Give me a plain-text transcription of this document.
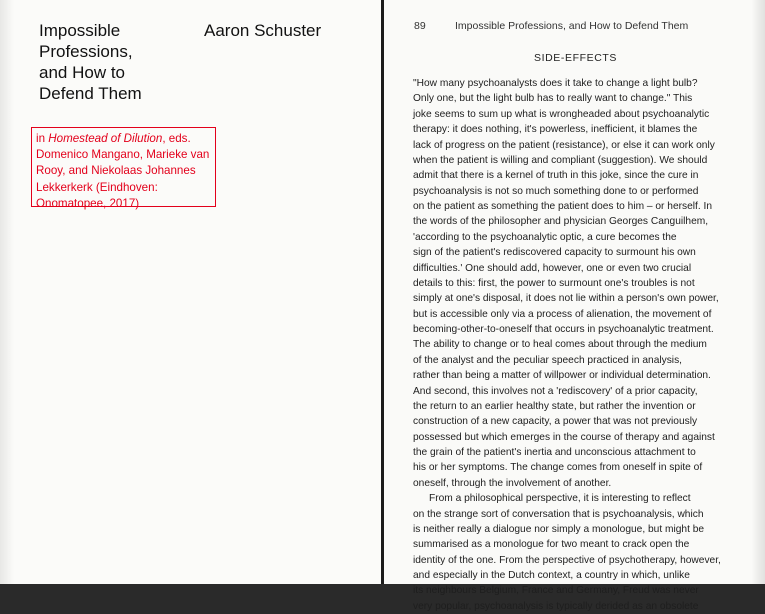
Impossible
Professions,
and How to
Defend Them
Aaron Schuster
in Homestead of Dilution, eds. Domenico Mangano, Marieke van Rooy, and Niekolaas Johannes Lekkerkerk (Eindhoven: Onomatopee, 2017)
89	Impossible Professions, and How to Defend Them
SIDE-EFFECTS
"How many psychoanalysts does it take to change a light bulb?
Only one, but the light bulb has to really want to change." This
joke seems to sum up what is wrongheaded about psychoanalytic
therapy: it does nothing, it's powerless, inefficient, it blames the
lack of progress on the patient (resistance), or else it can work only
when the patient is willing and compliant (suggestion). We should
admit that there is a kernel of truth in this joke, since the cure in
psychoanalysis is not so much something done to or performed
on the patient as something the patient does to him – or herself. In
the words of the philosopher and physician Georges Canguilhem,
'according to the psychoanalytic optic, a cure becomes the
sign of the patient's rediscovered capacity to surmount his own
difficulties.' One should add, however, one or even two crucial
details to this: first, the power to surmount one's troubles is not
simply at one's disposal, it does not lie within a person's own power,
but is accessible only via a process of alienation, the movement of
becoming-other-to-oneself that occurs in psychoanalytic treatment.
The ability to change or to heal comes about through the medium
of the analyst and the peculiar speech practiced in analysis,
rather than being a matter of willpower or individual determination.
And second, this involves not a 'rediscovery' of a prior capacity,
the return to an earlier healthy state, but rather the invention or
construction of a new capacity, a power that was not previously
possessed but which emerges in the course of therapy and against
the grain of the patient's inertia and unconscious attachment to
his or her symptoms. The change comes from oneself in spite of
oneself, through the involvement of another.
From a philosophical perspective, it is interesting to reflect
on the strange sort of conversation that is psychoanalysis, which
is neither really a dialogue nor simply a monologue, but might be
summarised as a monologue for two meant to crack open the
identity of the one. From the perspective of psychotherapy, however,
and especially in the Dutch context, a country in which, unlike
its neighbours Belgium, France and Germany, Freud was never
very popular, psychoanalysis is typically derided as an obsolete
